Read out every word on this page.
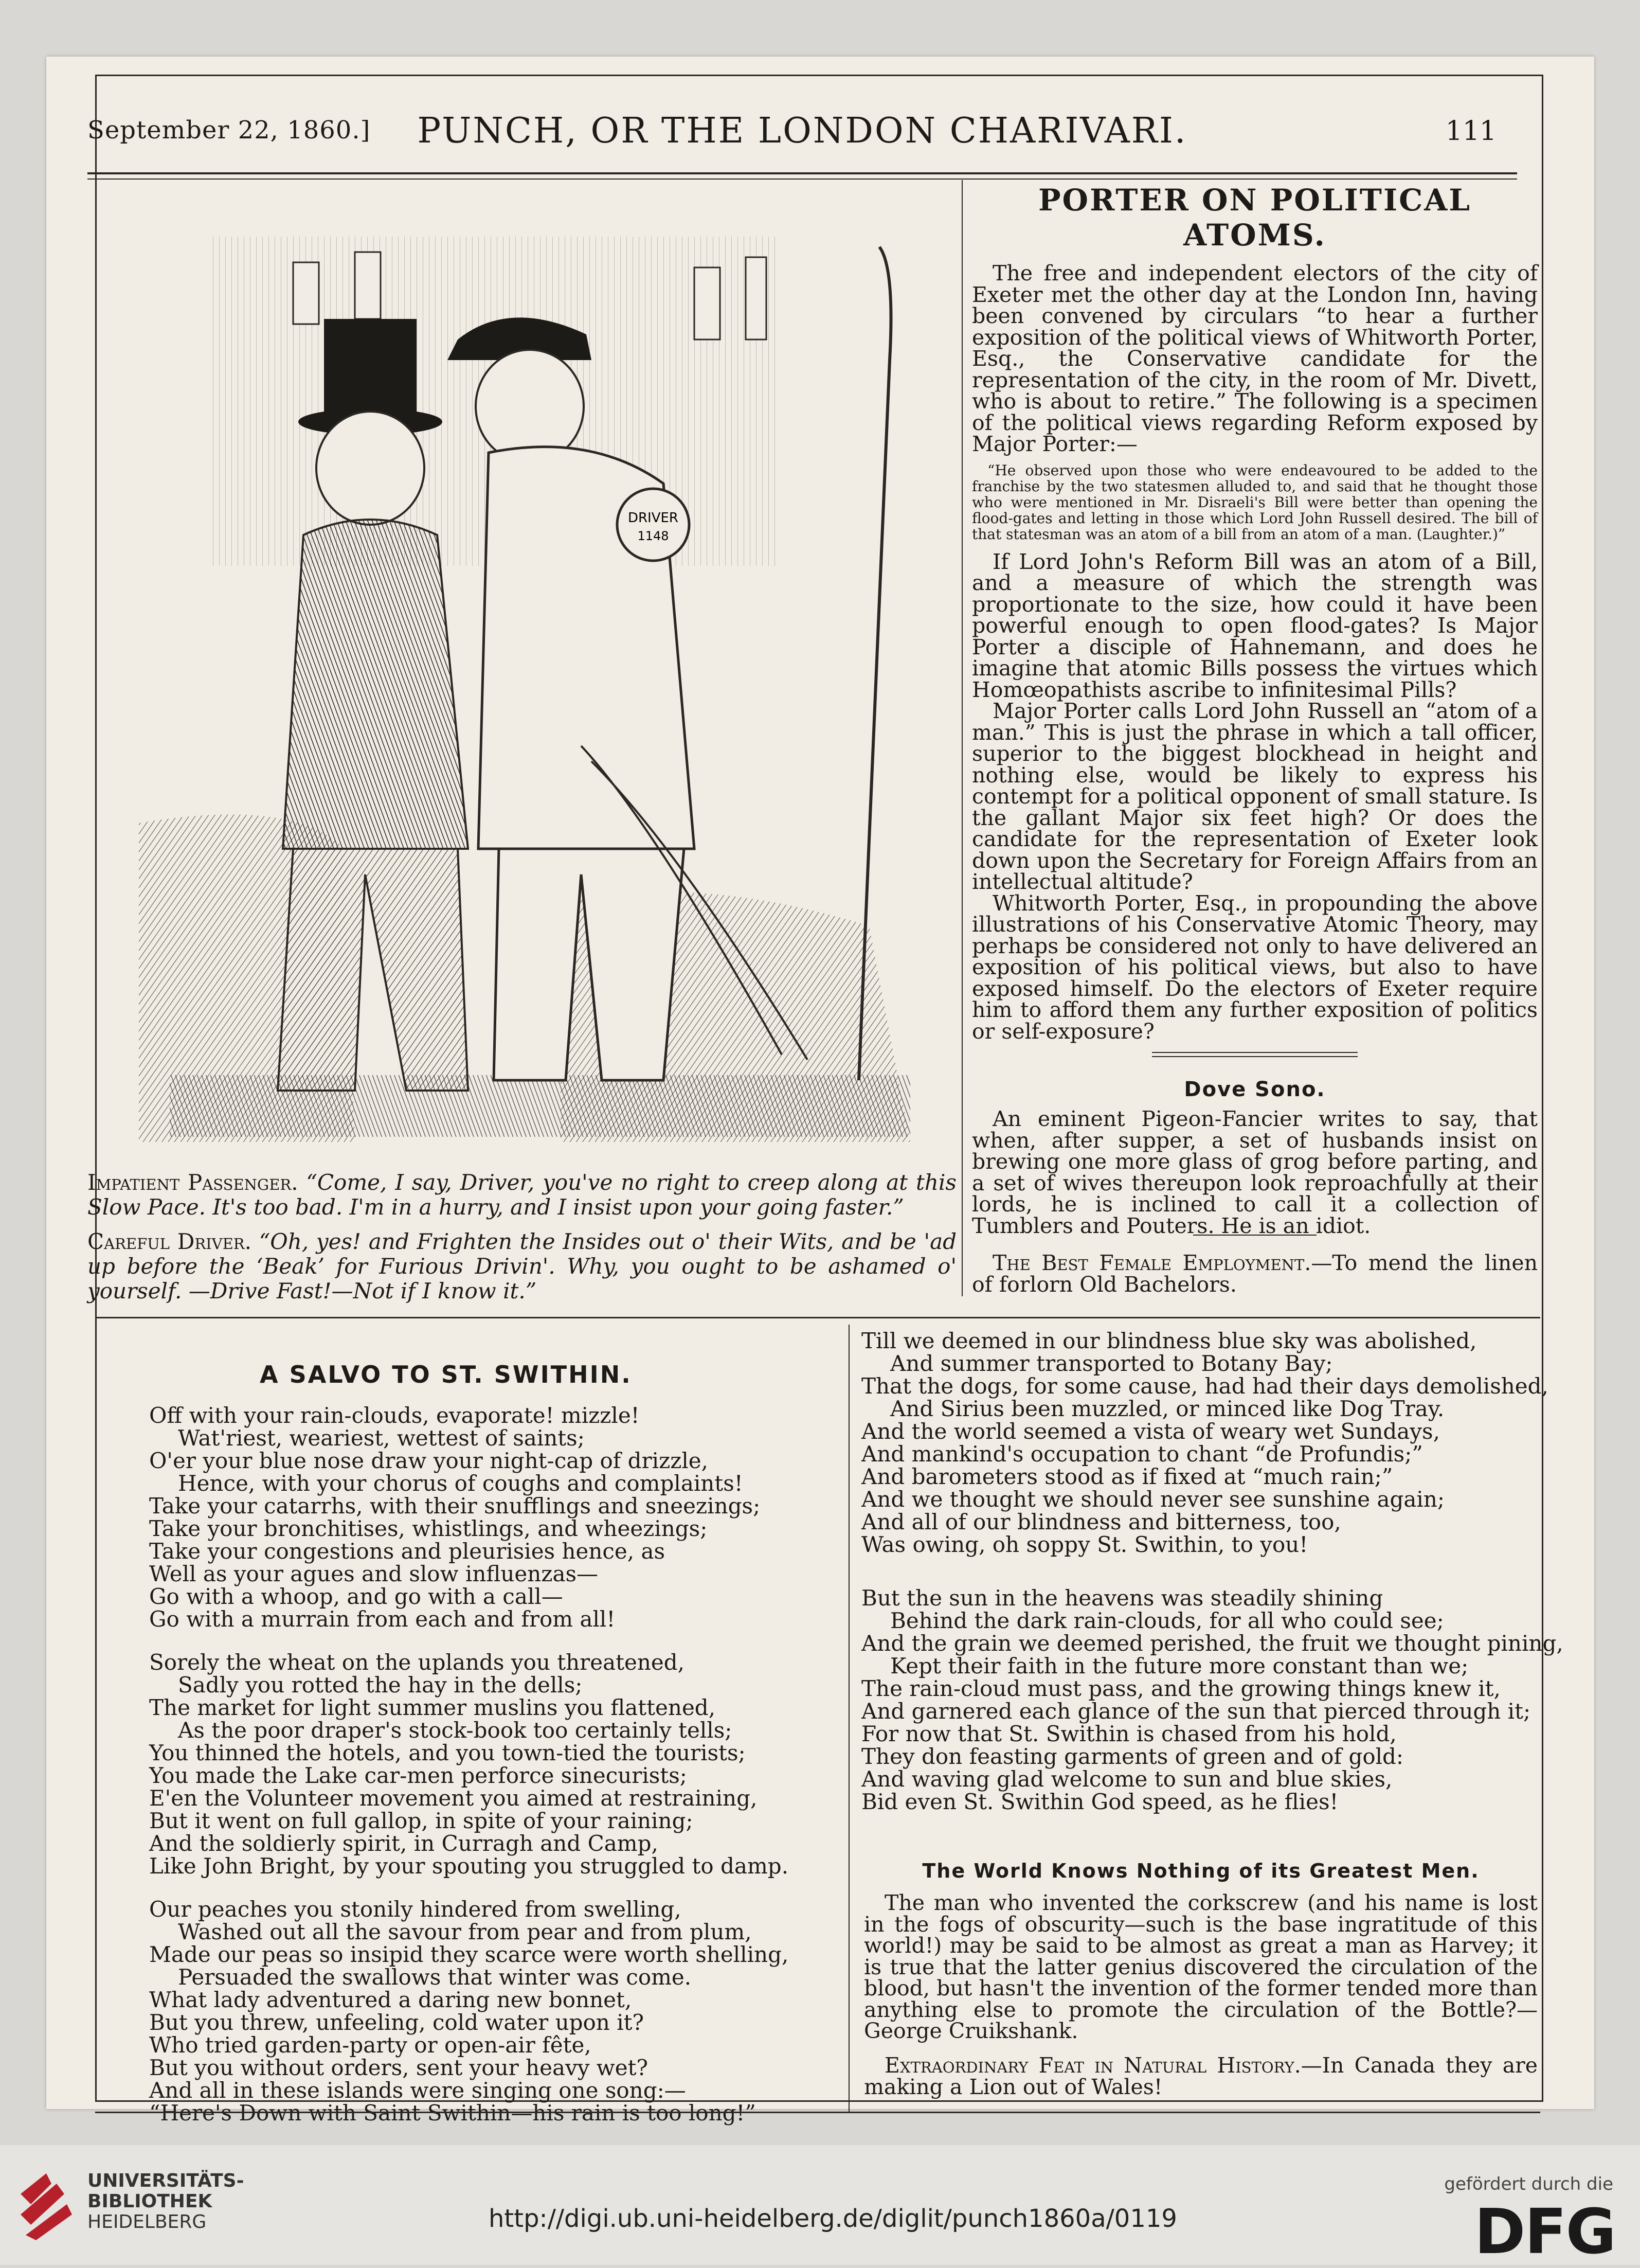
September 22, 1860.]	PUNCH, OR THE LONDON CHARIVARI.	111
DRIVER
1148
Impatient Passenger. “Come, I say, Driver, you've no right to creep along at this Slow Pace. It's too bad. I'm in a hurry, and I insist upon your going faster.”
Careful Driver. “Oh, yes! and Frighten the Insides out o' their Wits, and be 'ad up before the ‘Beak’ for Furious Drivin'. Why, you ought to be ashamed o' yourself. —Drive Fast!—Not if I know it.”
PORTER ON POLITICAL ATOMS.

The free and independent electors of the city of Exeter met the other day at the London Inn, having been convened by circulars “to hear a further exposition of the political views of Whitworth Porter, Esq., the Conservative candidate for the representation of the city, in the room of Mr. Divett, who is about to retire.” The following is a specimen of the political views regarding Reform exposed by Major Porter:—

“He observed upon those who were endeavoured to be added to the franchise by the two statesmen alluded to, and said that he thought those who were mentioned in Mr. Disraeli's Bill were better than opening the flood-gates and letting in those which Lord John Russell desired. The bill of that statesman was an atom of a bill from an atom of a man. (Laughter.)”

If Lord John's Reform Bill was an atom of a Bill, and a measure of which the strength was proportionate to the size, how could it have been powerful enough to open flood-gates? Is Major Porter a disciple of Hahnemann, and does he imagine that atomic Bills possess the virtues which Homœopathists ascribe to infinitesimal Pills?

Major Porter calls Lord John Russell an “atom of a man.” This is just the phrase in which a tall officer, superior to the biggest blockhead in height and nothing else, would be likely to express his contempt for a political opponent of small stature. Is the gallant Major six feet high? Or does the candidate for the representation of Exeter look down upon the Secretary for Foreign Affairs from an intellectual altitude?

Whitworth Porter, Esq., in propounding the above illustrations of his Conservative Atomic Theory, may perhaps be considered not only to have delivered an exposition of his political views, but also to have exposed himself. Do the electors of Exeter require him to afford them any further exposition of politics or self-exposure?

Dove Sono.

An eminent Pigeon-Fancier writes to say, that when, after supper, a set of husbands insist on brewing one more glass of grog before parting, and a set of wives thereupon look reproachfully at their lords, he is inclined to call it a collection of Tumblers and Pouters. He is an idiot.

The Best Female Employment.—To mend the linen of forlorn Old Bachelors.

A SALVO TO ST. SWITHIN.
Off with your rain-clouds, evaporate! mizzle!
Wat'riest, weariest, wettest of saints;
O'er your blue nose draw your night-cap of drizzle,
Hence, with your chorus of coughs and complaints!
Take your catarrhs, with their snufflings and sneezings;
Take your bronchitises, whistlings, and wheezings;
Take your congestions and pleurisies hence, as
Well as your agues and slow influenzas—
Go with a whoop, and go with a call—
Go with a murrain from each and from all!
Sorely the wheat on the uplands you threatened,
Sadly you rotted the hay in the dells;
The market for light summer muslins you flattened,
As the poor draper's stock-book too certainly tells;
You thinned the hotels, and you town-tied the tourists;
You made the Lake car-men perforce sinecurists;
E'en the Volunteer movement you aimed at restraining,
But it went on full gallop, in spite of your raining;
And the soldierly spirit, in Curragh and Camp,
Like John Bright, by your spouting you struggled to damp.
Our peaches you stonily hindered from swelling,
Washed out all the savour from pear and from plum,
Made our peas so insipid they scarce were worth shelling,
Persuaded the swallows that winter was come.
What lady adventured a daring new bonnet,
But you threw, unfeeling, cold water upon it?
Who tried garden-party or open-air fête,
But you without orders, sent your heavy wet?
And all in these islands were singing one song:—
“Here's Down with Saint Swithin—his rain is too long!”
Till we deemed in our blindness blue sky was abolished,
And summer transported to Botany Bay;
That the dogs, for some cause, had had their days demolished,
And Sirius been muzzled, or minced like Dog Tray.
And the world seemed a vista of weary wet Sundays,
And mankind's occupation to chant “de Profundis;”
And barometers stood as if fixed at “much rain;”
And we thought we should never see sunshine again;
And all of our blindness and bitterness, too,
Was owing, oh soppy St. Swithin, to you!
But the sun in the heavens was steadily shining
Behind the dark rain-clouds, for all who could see;
And the grain we deemed perished, the fruit we thought pining,
Kept their faith in the future more constant than we;
The rain-cloud must pass, and the growing things knew it,
And garnered each glance of the sun that pierced through it;
For now that St. Swithin is chased from his hold,
They don feasting garments of green and of gold:
And waving glad welcome to sun and blue skies,
Bid even St. Swithin God speed, as he flies!
The World Knows Nothing of its Greatest Men.

The man who invented the corkscrew (and his name is lost in the fogs of obscurity—such is the base ingratitude of this world!) may be said to be almost as great a man as Harvey; it is true that the latter genius discovered the circulation of the blood, but hasn't the invention of the former tended more than anything else to promote the circulation of the Bottle?—George Cruikshank.

Extraordinary Feat in Natural History.—In Canada they are making a Lion out of Wales!

UNIVERSITÄTS-
BIBLIOTHEK
HEIDELBERG	http://digi.ub.uni-heidelberg.de/diglit/punch1860a/0119
gefördert durch die
DFG
